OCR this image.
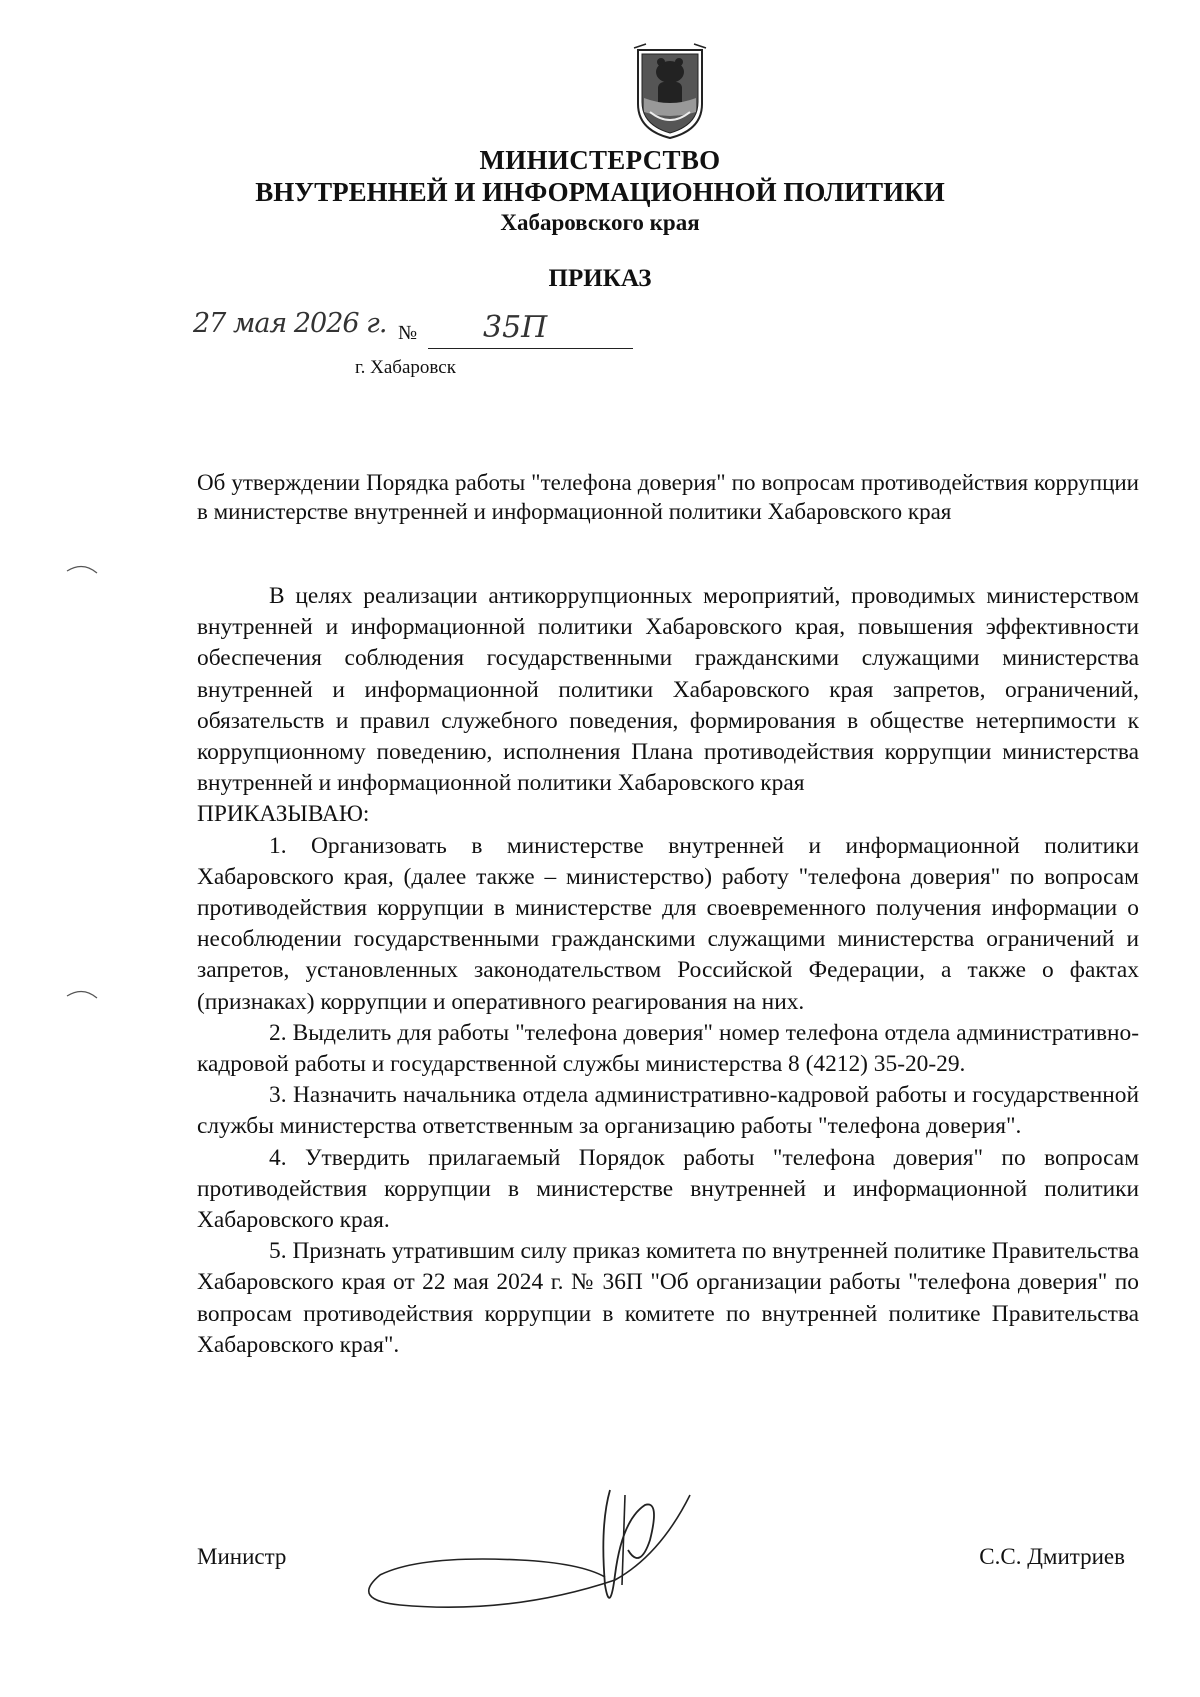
МИНИСТЕРСТВО
ВНУТРЕННЕЙ И ИНФОРМАЦИОННОЙ ПОЛИТИКИ
Хабаровского края
ПРИКАЗ
27 мая 2026 г. № 35П
г. Хабаровск
Об утверждении Порядка работы "телефона доверия" по вопросам противодействия коррупции в министерстве внутренней и информационной политики Хабаровского края

В целях реализации антикоррупционных мероприятий, проводимых министерством внутренней и информационной политики Хабаровского края, повышения эффективности обеспечения соблюдения государственными гражданскими служащими министерства внутренней и информационной политики Хабаровского края запретов, ограничений, обязательств и правил служебного поведения, формирования в обществе нетерпимости к коррупционному поведению, исполнения Плана противодействия коррупции министерства внутренней и информационной политики Хабаровского края

ПРИКАЗЫВАЮ:

1. Организовать в министерстве внутренней и информационной политики Хабаровского края, (далее также – министерство) работу "телефона доверия" по вопросам противодействия коррупции в министерстве для своевременного получения информации о несоблюдении государственными гражданскими служащими министерства ограничений и запретов, установленных законодательством Российской Федерации, а также о фактах (признаках) коррупции и оперативного реагирования на них.

2. Выделить для работы "телефона доверия" номер телефона отдела административно-кадровой работы и государственной службы министерства 8 (4212) 35-20-29.

3. Назначить начальника отдела административно-кадровой работы и государственной службы министерства ответственным за организацию работы "телефона доверия".

4. Утвердить прилагаемый Порядок работы "телефона доверия" по вопросам противодействия коррупции в министерстве внутренней и информационной политики Хабаровского края.

5. Признать утратившим силу приказ комитета по внутренней политике Правительства Хабаровского края от 22 мая 2024 г. № 36П "Об организации работы "телефона доверия" по вопросам противодействия коррупции в комитете по внутренней политике Правительства Хабаровского края".

Министр	С.С. Дмитриев
